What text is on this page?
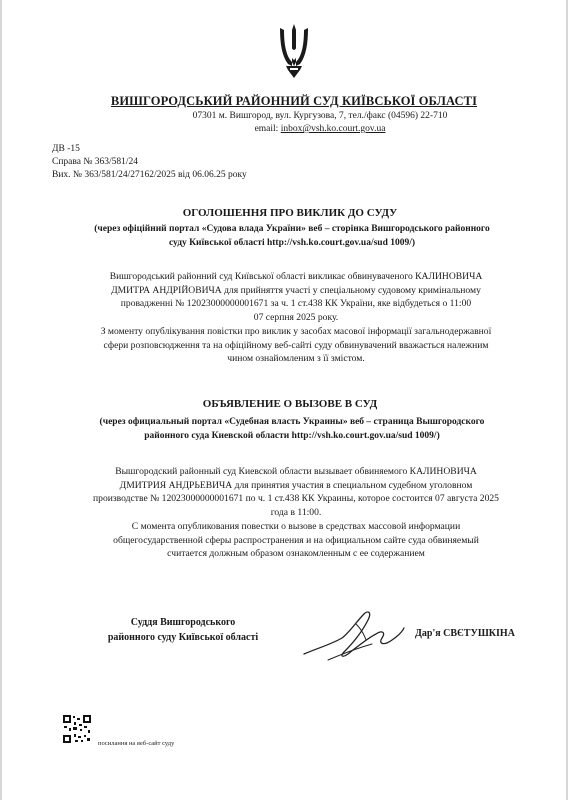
ВИШГОРОДСЬКИЙ РАЙОННИЙ СУД КИЇВСЬКОЇ ОБЛАСТІ
07301 м. Вишгород, вул. Кургузова, 7, тел./факс (04596) 22-710
email: inbox@vsh.ko.court.gov.ua
ДВ -15
Справа № 363/581/24
Вих. № 363/581/24/27162/2025 від 06.06.25 року
ОГОЛОШЕННЯ ПРО ВИКЛИК ДО СУДУ
(через офіційний портал «Судова влада України» веб – сторінка Вишгородського районного
суду Київської області http://vsh.ko.court.gov.ua/sud 1009/)
Вишгородський районний суд Київської області викликає обвинуваченого КАЛИНОВИЧА
ДМИТРА АНДРІЙОВИЧА для прийняття участі у спеціальному судовому кримінальному
провадженні № 12023000000001671 за ч. 1 ст.438 КК України, яке відбудеться о 11:00
07 серпня 2025 року.
З моменту опублікування повістки про виклик у засобах масової інформації загальнодержавної
сфери розповсюдження та на офіційному веб-сайті суду обвинувачений вважається належним
чином ознайомленим з її змістом.
ОБЪЯВЛЕНИЕ О ВЫЗОВЕ В СУД
(через официальный портал «Судебная власть Украины» веб – страница Вышгородского
районного суда Киевской области http://vsh.ko.court.gov.ua/sud 1009/)
Вышгородский районный суд Киевской области вызывает обвиняемого КАЛИНОВИЧА
ДМИТРИЯ АНДРЬЕВИЧА для принятия участия в специальном судебном уголовном
производстве № 12023000000001671 по ч. 1 ст.438 КК Украины, которое состоится 07 августа 2025
года в 11:00.
С момента опубликования повестки о вызове в средствах массовой информации
общегосударственной сферы распространения и на официальном сайте суда обвиняемый
считается должным образом ознакомленным с ее содержанием
Суддя Вишгородського
районного суду Київської області	Дар'я СВЄТУШКІНА
посилання на веб-сайт суду
